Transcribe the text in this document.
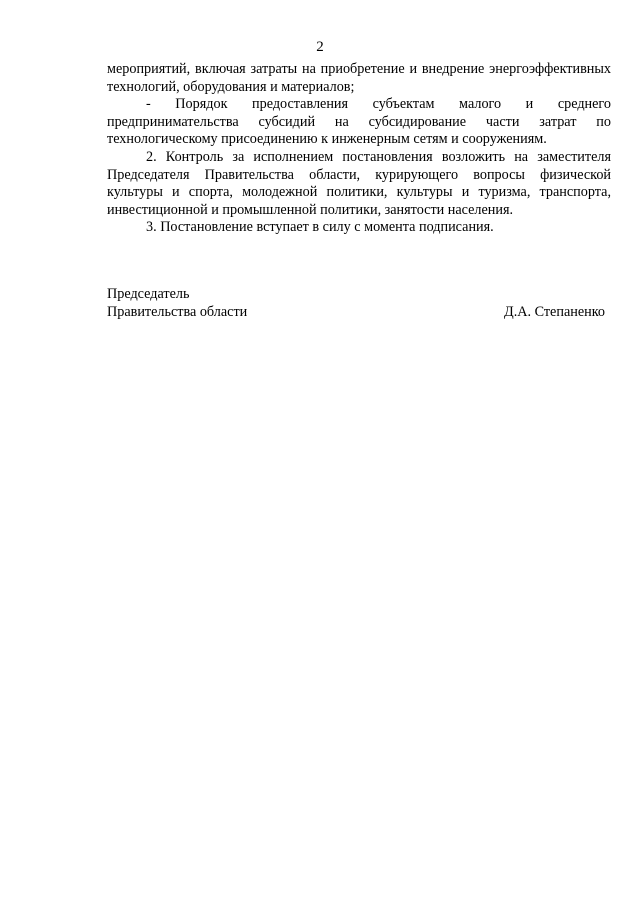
2

мероприятий, включая затраты на приобретение и внедрение энергоэффективных технологий, оборудования и материалов;

- Порядок предоставления субъектам малого и среднего предпринимательства субсидий на субсидирование части затрат по технологическому присоединению к инженерным сетям и сооружениям.

2. Контроль за исполнением постановления возложить на заместителя Председателя Правительства области, курирующего вопросы физической культуры и спорта, молодежной политики, культуры и туризма, транспорта, инвестиционной и промышленной политики, занятости населения.

3. Постановление вступает в силу с момента подписания.

Председатель
Правительства области	Д.А. Степаненко
